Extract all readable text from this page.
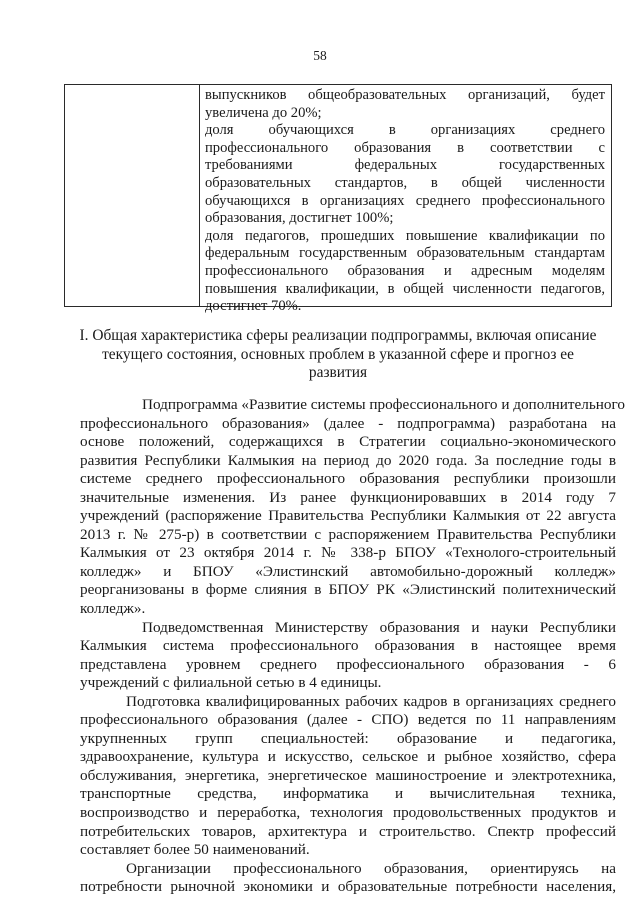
58
выпускников общеобразовательных организаций, будет
увеличена до 20%;
доля обучающихся в организациях среднего
профессионального образования в соответствии с
требованиями федеральных государственных
образовательных стандартов, в общей численности
обучающихся в организациях среднего профессионального
образования, достигнет 100%;
доля педагогов, прошедших повышение квалификации по
федеральным государственным образовательным стандартам
профессионального образования и адресным моделям
повышения квалификации, в общей численности педагогов,
достигнет 70%.
I. Общая характеристика сферы реализации подпрограммы, включая описание
текущего состояния, основных проблем в указанной сфере и прогноз ее
развития
Подпрограмма «Развитие системы профессионального и дополнительного
профессионального образования» (далее - подпрограмма) разработана на
основе положений, содержащихся в Стратегии социально-экономического
развития Республики Калмыкия на период до 2020 года. За последние годы в
системе среднего профессионального образования республики произошли
значительные изменения. Из ранее функционировавших в 2014 году 7
учреждений (распоряжение Правительства Республики Калмыкия от 22 августа
2013 г. № 275-р) в соответствии с распоряжением Правительства Республики
Калмыкия от 23 октября 2014 г. № 338-р БПОУ «Технолого-строительный
колледж» и БПОУ «Элистинский автомобильно-дорожный колледж»
реорганизованы в форме слияния в БПОУ РК «Элистинский политехнический
колледж».
Подведомственная Министерству образования и науки Республики
Калмыкия система профессионального образования в настоящее время
представлена уровнем среднего профессионального образования - 6
учреждений с филиальной сетью в 4 единицы.
Подготовка квалифицированных рабочих кадров в организациях среднего
профессионального образования (далее - СПО) ведется по 11 направлениям
укрупненных групп специальностей: образование и педагогика,
здравоохранение, культура и искусство, сельское и рыбное хозяйство, сфера
обслуживания, энергетика, энергетическое машиностроение и электротехника,
транспортные средства, информатика и вычислительная техника,
воспроизводство и переработка, технология продовольственных продуктов и
потребительских товаров, архитектура и строительство. Спектр профессий
составляет более 50 наименований.
Организации профессионального образования, ориентируясь на
потребности рыночной экономики и образовательные потребности населения,
